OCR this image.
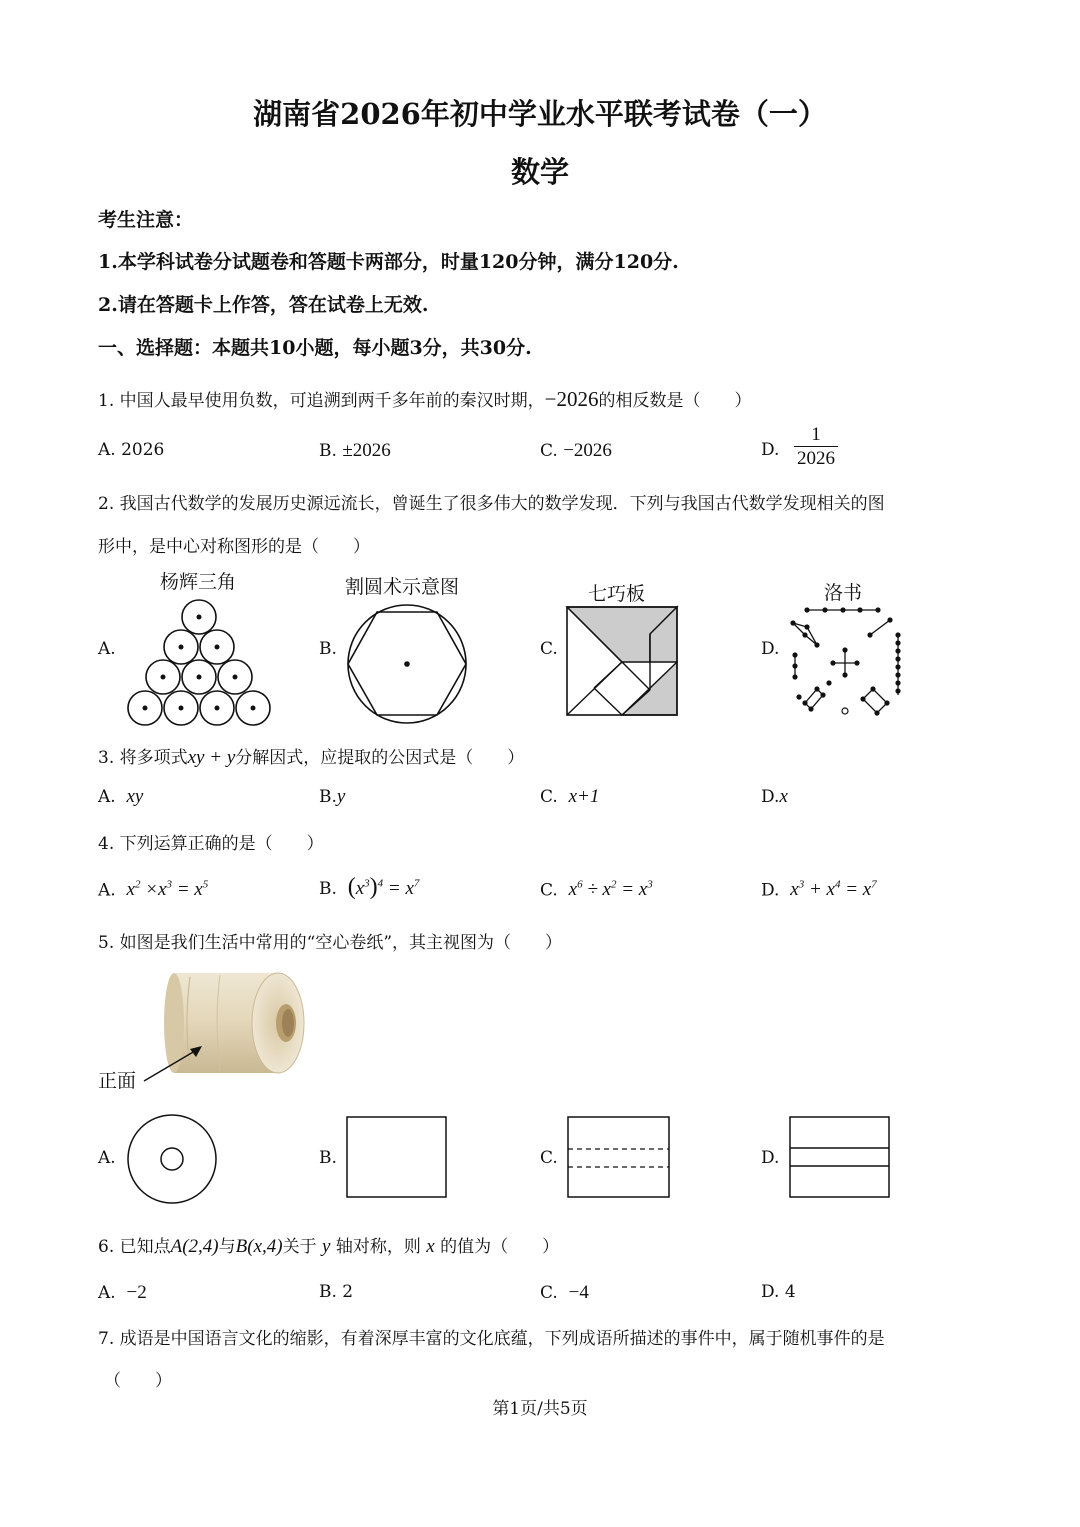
湖南省2026年初中学业水平联考试卷（一）
数学
考生注意：
1.本学科试卷分试题卷和答题卡两部分，时量120分钟，满分120分.
2.请在答题卡上作答，答在试卷上无效.
一、选择题：本题共10小题，每小题3分，共30分.
1. 中国人最早使用负数，可追溯到两千多年前的秦汉时期，−2026的相反数是（　　）
A. 2026	B. ±2026	C. −2026	D.
1
2026
2. 我国古代数学的发展历史源远流长，曾诞生了很多伟大的数学发现．下列与我国古代数学发现相关的图
形中，是中心对称图形的是（　　）
杨辉三角	割圆术示意图	七巧板	洛书
A.	B.	C.	D.
3. 将多项式xy + y分解因式，应提取的公因式是（　　）
A. xy	B.y	C. x+1	D.x
4. 下列运算正确的是（　　）
A. $x^2 \times x^3 = x^5$	B. $(x^3)^4 = x^7$	C. $x^6 \div x^2 = x^3$	D. $x^3 + x^4 = x^7$
5. 如图是我们生活中常用的“空心卷纸”，其主视图为（　　）
正面
A.	B.	C.	D.
6. 已知点A(2,4)与B(x,4)关于 y 轴对称，则 x 的值为（　　）
A. −2	B. 2	C. −4	D. 4
7. 成语是中国语言文化的缩影，有着深厚丰富的文化底蕴，下列成语所描述的事件中，属于随机事件的是
（　　）
第1页/共5页
